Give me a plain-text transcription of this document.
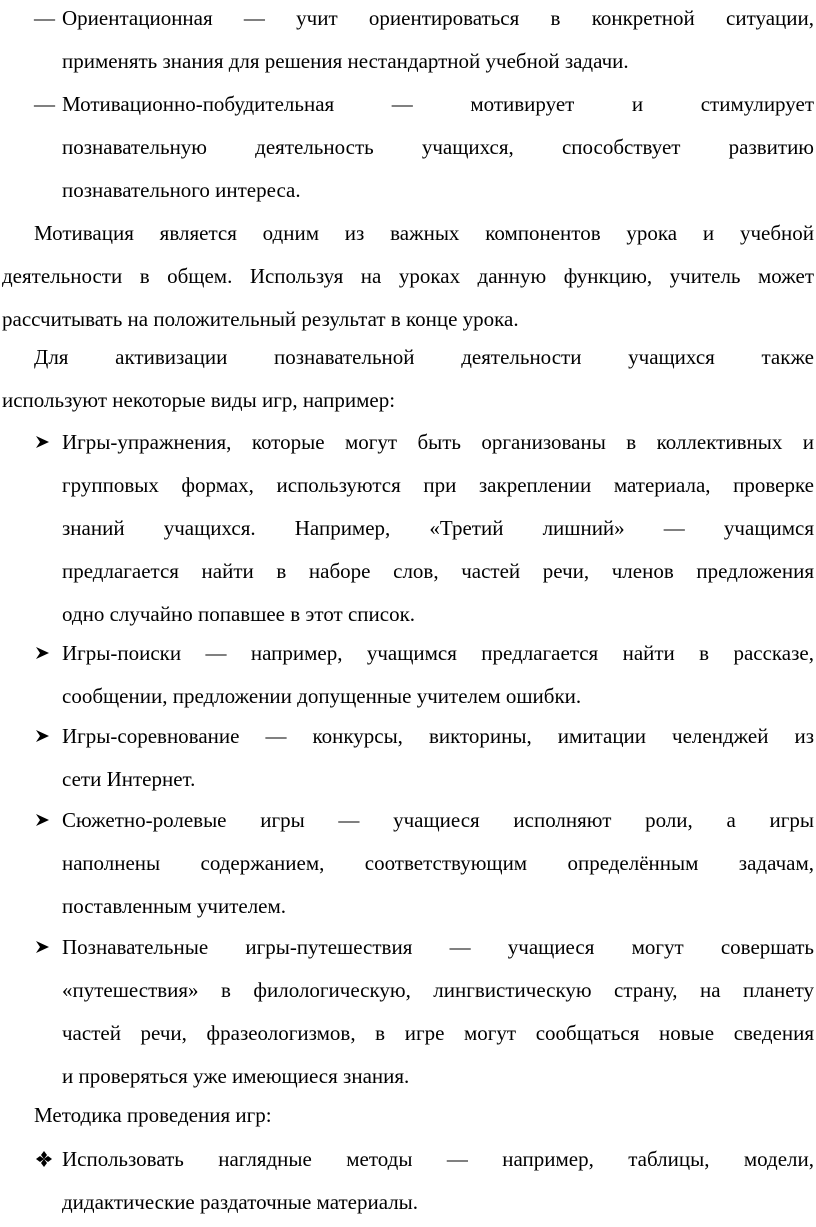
— Ориентационная — учит ориентироваться в конкретной ситуации,
применять знания для решения нестандартной учебной задачи.
— Мотивационно-побудительная — мотивирует и стимулирует
познавательную деятельность учащихся, способствует развитию
познавательного интереса.
Мотивация является одним из важных компонентов урока и учебной
деятельности в общем. Используя на уроках данную функцию, учитель может
рассчитывать на положительный результат в конце урока.
Для активизации познавательной деятельности учащихся также
используют некоторые виды игр, например:
Игры-упражнения, которые могут быть организованы в коллективных и
групповых формах, используются при закреплении материала, проверке
знаний учащихся. Например, «Третий лишний» — учащимся
предлагается найти в наборе слов, частей речи, членов предложения
одно случайно попавшее в этот список.
Игры-поиски — например, учащимся предлагается найти в рассказе,
сообщении, предложении допущенные учителем ошибки.
Игры-соревнование — конкурсы, викторины, имитации челенджей из
сети Интернет.
Сюжетно-ролевые игры — учащиеся исполняют роли, а игры
наполнены содержанием, соответствующим определённым задачам,
поставленным учителем.
Познавательные игры-путешествия — учащиеся могут совершать
«путешествия» в филологическую, лингвистическую страну, на планету
частей речи, фразеологизмов, в игре могут сообщаться новые сведения
и проверяться уже имеющиеся знания.
Методика проведения игр:
Использовать наглядные методы — например, таблицы, модели,
дидактические раздаточные материалы.
